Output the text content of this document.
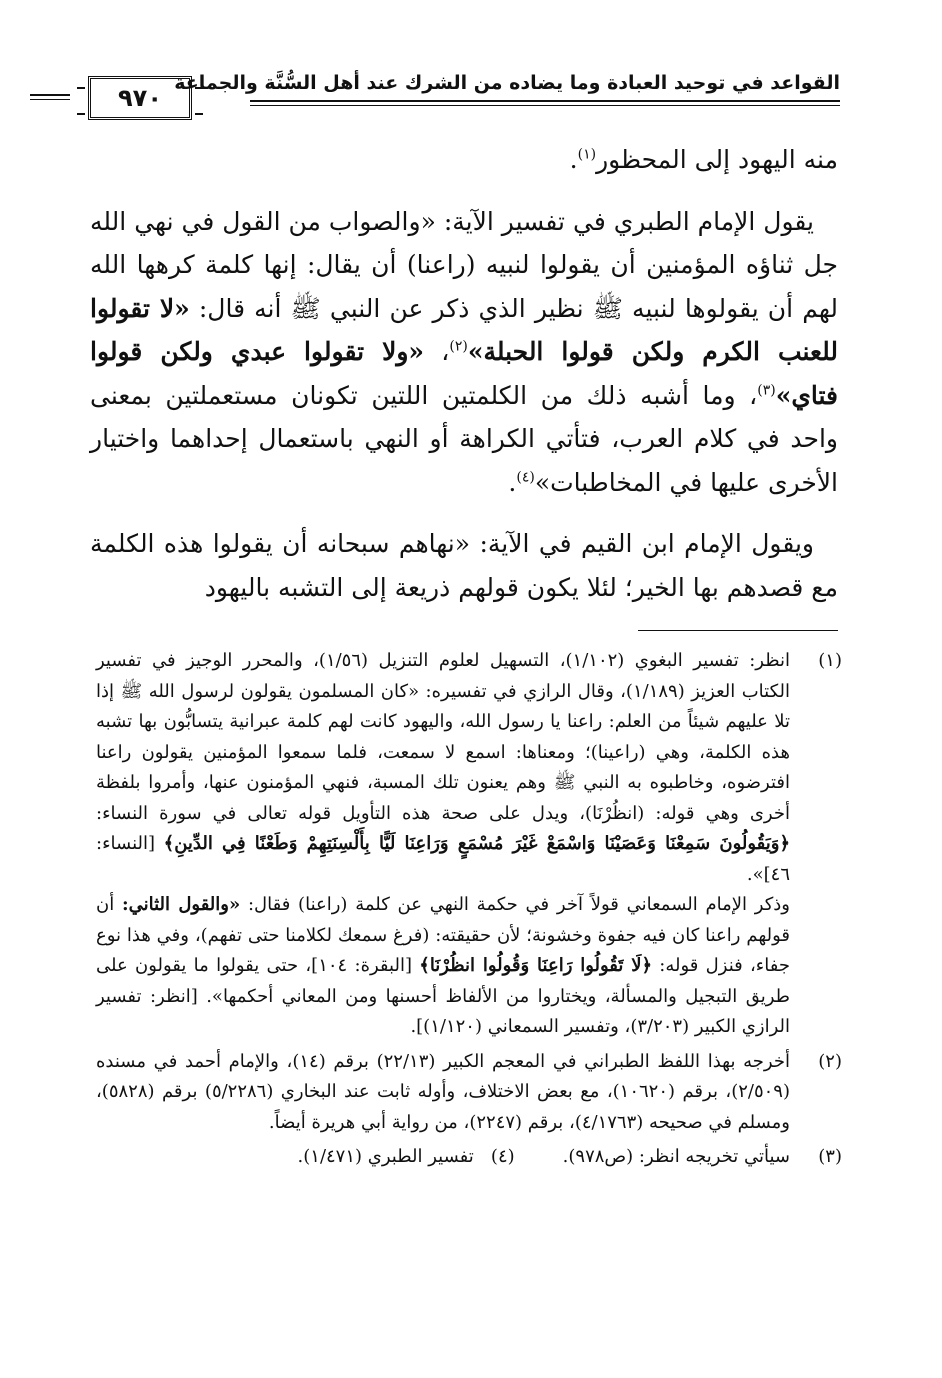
القواعد في توحيد العبادة وما يضاده من الشرك عند أهل السُّنَّة والجماعة
٩٧٠

منه اليهود إلى المحظور$^{(١)}$.

يقول الإمام الطبري في تفسير الآية: «والصواب من القول في نهي الله جل ثناؤه المؤمنين أن يقولوا لنبيه (راعنا) أن يقال: إنها كلمة كرهها الله لهم أن يقولوها لنبيه ﷺ نظير الذي ذكر عن النبي ﷺ أنه قال: «لا تقولوا للعنب الكرم ولكن قولوا الحبلة»$^{(٢)}$، «ولا تقولوا عبدي ولكن قولوا فتاي»$^{(٣)}$، وما أشبه ذلك من الكلمتين اللتين تكونان مستعملتين بمعنى واحد في كلام العرب، فتأتي الكراهة أو النهي باستعمال إحداهما واختيار الأخرى عليها في المخاطبات»$^{(٤)}$.

ويقول الإمام ابن القيم في الآية: «نهاهم سبحانه أن يقولوا هذه الكلمة مع قصدهم بها الخير؛ لئلا يكون قولهم ذريعة إلى التشبه باليهود

(١)
انظر: تفسير البغوي (١/١٠٢)، التسهيل لعلوم التنزيل (١/٥٦)، والمحرر الوجيز في تفسير الكتاب العزيز (١/١٨٩)، وقال الرازي في تفسيره: «كان المسلمون يقولون لرسول الله ﷺ إذا تلا عليهم شيئاً من العلم: راعنا يا رسول الله، واليهود كانت لهم كلمة عبرانية يتسابُّون بها تشبه هذه الكلمة، وهي (راعينا)؛ ومعناها: اسمع لا سمعت، فلما سمعوا المؤمنين يقولون راعنا افترضوه، وخاطبوه به النبي ﷺ وهم يعنون تلك المسبة، فنهي المؤمنون عنها، وأمروا بلفظة أخرى وهي قوله: (انظُرْنَا)، ويدل على صحة هذه التأويل قوله تعالى في سورة النساء: ﴿وَيَقُولُونَ سَمِعْنَا وَعَصَيْنَا وَاسْمَعْ غَيْرَ مُسْمَعٍ وَرَاعِنَا لَيًّا بِأَلْسِنَتِهِمْ وَطَعْنًا فِي الدِّينِ﴾ [النساء: ٤٦]».
وذكر الإمام السمعاني قولاً آخر في حكمة النهي عن كلمة (راعنا) فقال: «والقول الثاني: أن قولهم راعنا كان فيه جفوة وخشونة؛ لأن حقيقته: (فرغ سمعك لكلامنا حتى تفهم)، وفي هذا نوع جفاء، فنزل قوله: ﴿لَا تَقُولُوا رَاعِنَا وَقُولُوا انظُرْنَا﴾ [البقرة: ١٠٤]، حتى يقولوا ما يقولون على طريق التبجيل والمسألة، ويختاروا من الألفاظ أحسنها ومن المعاني أحكمها». [انظر: تفسير الرازي الكبير (٣/٢٠٣)، وتفسير السمعاني (١/١٢٠)].
(٢)
أخرجه بهذا اللفظ الطبراني في المعجم الكبير (٢٢/١٣) برقم (١٤)، والإمام أحمد في مسنده (٢/٥٠٩)، برقم (١٠٦٢٠)، مع بعض الاختلاف، وأوله ثابت عند البخاري (٥/٢٢٨٦) برقم (٥٨٢٨)، ومسلم في صحيحه (٤/١٧٦٣)، برقم (٢٢٤٧)، من رواية أبي هريرة أيضاً.
(٣)
سيأتي تخريجه انظر: (ص٩٧٨).
(٤)   تفسير الطبري (١/٤٧١).
